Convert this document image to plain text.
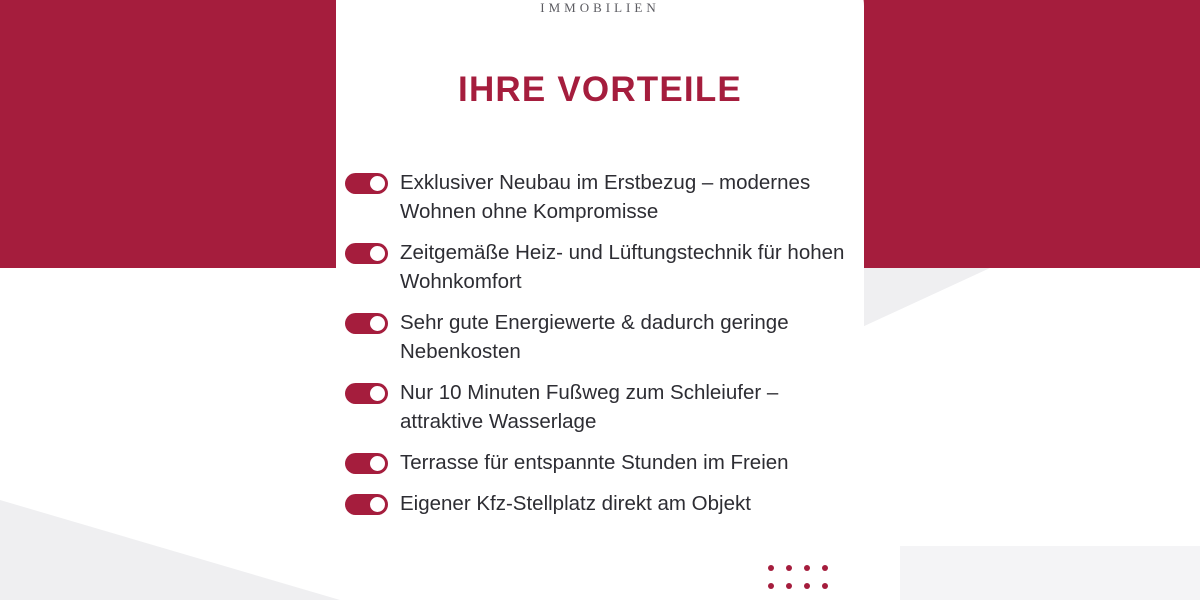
IMMOBILIEN
IHRE VORTEILE
Exklusiver Neubau im Erstbezug – modernes Wohnen ohne Kompromisse
Zeitgemäße Heiz- und Lüftungstechnik für hohen Wohnkomfort
Sehr gute Energiewerte & dadurch geringe Nebenkosten
Nur 10 Minuten Fußweg zum Schleiufer – attraktive Wasserlage
Terrasse für entspannte Stunden im Freien
Eigener Kfz-Stellplatz direkt am Objekt
